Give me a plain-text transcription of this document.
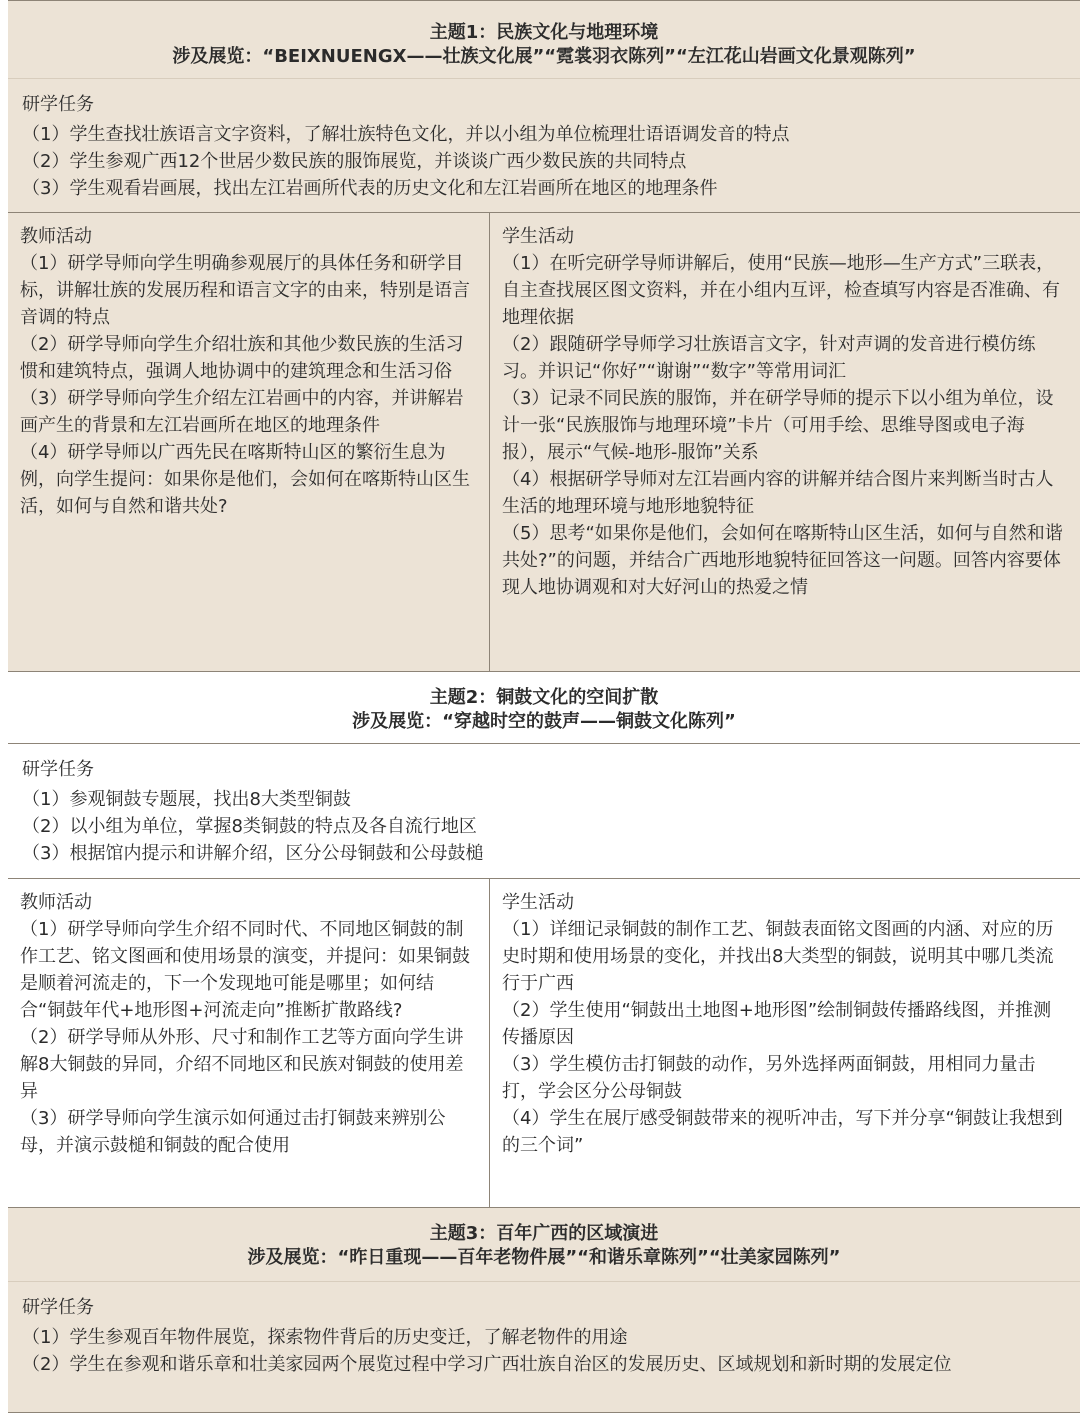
主题1：民族文化与地理环境
涉及展览：“BEIXNUENGX——壮族文化展”“霓裳羽衣陈列”“左江花山岩画文化景观陈列”
研学任务

（1）学生查找壮族语言文字资料，了解壮族特色文化，并以小组为单位梳理壮语语调发音的特点

（2）学生参观广西12个世居少数民族的服饰展览，并谈谈广西少数民族的共同特点

（3）学生观看岩画展，找出左江岩画所代表的历史文化和左江岩画所在地区的地理条件

教师活动

（1）研学导师向学生明确参观展厅的具体任务和研学目标，讲解壮族的发展历程和语言文字的由来，特别是语言音调的特点

（2）研学导师向学生介绍壮族和其他少数民族的生活习惯和建筑特点，强调人地协调中的建筑理念和生活习俗

（3）研学导师向学生介绍左江岩画中的内容，并讲解岩画产生的背景和左江岩画所在地区的地理条件

（4）研学导师以广西先民在喀斯特山区的繁衍生息为例，向学生提问：如果你是他们，会如何在喀斯特山区生活，如何与自然和谐共处?

学生活动

（1）在听完研学导师讲解后，使用“民族—地形—生产方式”三联表，自主查找展区图文资料，并在小组内互评，检查填写内容是否准确、有地理依据

（2）跟随研学导师学习壮族语言文字，针对声调的发音进行模仿练习。并识记“你好”“谢谢”“数字”等常用词汇

（3）记录不同民族的服饰，并在研学导师的提示下以小组为单位，设计一张“民族服饰与地理环境”卡片（可用手绘、思维导图或电子海报），展示“气候-地形-服饰”关系

（4）根据研学导师对左江岩画内容的讲解并结合图片来判断当时古人生活的地理环境与地形地貌特征

（5）思考“如果你是他们，会如何在喀斯特山区生活，如何与自然和谐共处?”的问题，并结合广西地形地貌特征回答这一问题。回答内容要体现人地协调观和对大好河山的热爱之情

主题2：铜鼓文化的空间扩散
涉及展览：“穿越时空的鼓声——铜鼓文化陈列”
研学任务

（1）参观铜鼓专题展，找出8大类型铜鼓

（2）以小组为单位，掌握8类铜鼓的特点及各自流行地区

（3）根据馆内提示和讲解介绍，区分公母铜鼓和公母鼓槌

教师活动

（1）研学导师向学生介绍不同时代、不同地区铜鼓的制作工艺、铭文图画和使用场景的演变，并提问：如果铜鼓是顺着河流走的，下一个发现地可能是哪里；如何结合“铜鼓年代+地形图+河流走向”推断扩散路线?

（2）研学导师从外形、尺寸和制作工艺等方面向学生讲解8大铜鼓的异同，介绍不同地区和民族对铜鼓的使用差异

（3）研学导师向学生演示如何通过击打铜鼓来辨别公母，并演示鼓槌和铜鼓的配合使用

学生活动

（1）详细记录铜鼓的制作工艺、铜鼓表面铭文图画的内涵、对应的历史时期和使用场景的变化，并找出8大类型的铜鼓，说明其中哪几类流行于广西

（2）学生使用“铜鼓出土地图+地形图”绘制铜鼓传播路线图，并推测传播原因

（3）学生模仿击打铜鼓的动作，另外选择两面铜鼓，用相同力量击打，学会区分公母铜鼓

（4）学生在展厅感受铜鼓带来的视听冲击，写下并分享“铜鼓让我想到的三个词”

主题3：百年广西的区域演进
涉及展览：“昨日重现——百年老物件展”“和谐乐章陈列”“壮美家园陈列”
研学任务

（1）学生参观百年物件展览，探索物件背后的历史变迁，了解老物件的用途

（2）学生在参观和谐乐章和壮美家园两个展览过程中学习广西壮族自治区的发展历史、区域规划和新时期的发展定位
